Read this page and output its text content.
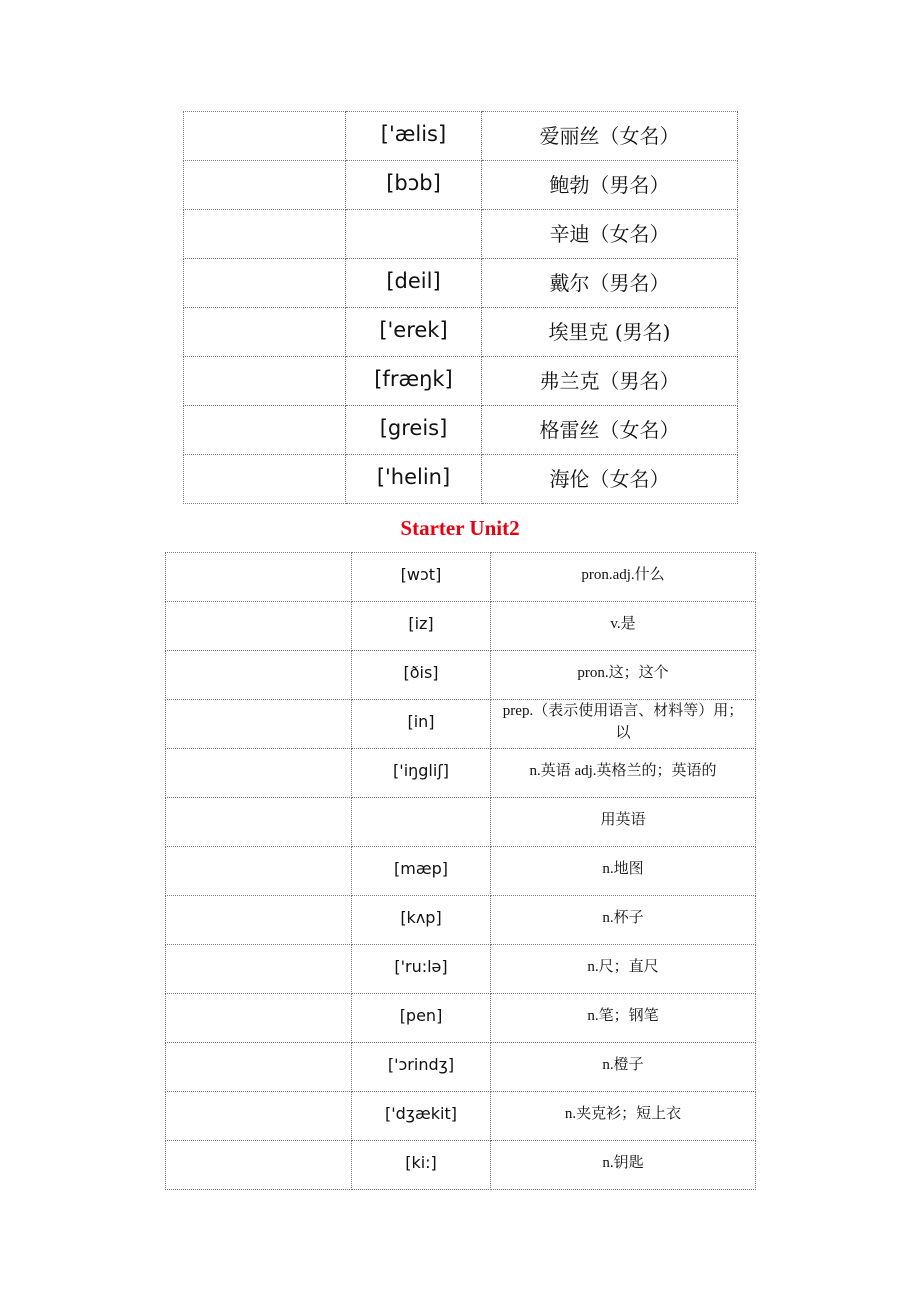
	['ælis]	爱丽丝（女名）
	[bɔb]	鲍勃（男名）
		辛迪（女名）
	[deil]	戴尔（男名）
	['erek]	埃里克 (男名)
	[fræŋk]	弗兰克（男名）
	[greis]	格雷丝（女名）
	['helin]	海伦（女名）
Starter Unit2
	[wɔt]	pron.adj.什么
	[iz]	v.是
	[ðis]	pron.这；这个
	[in]	prep.（表示使用语言、材料等）用；以
	['iŋgliʃ]	n.英语 adj.英格兰的；英语的
		用英语
	[mæp]	n.地图
	[kʌp]	n.杯子
	['ru:lə]	n.尺；直尺
	[pen]	n.笔；钢笔
	['ɔrindʒ]	n.橙子
	['dʒækit]	n.夹克衫；短上衣
	[ki:]	n.钥匙
